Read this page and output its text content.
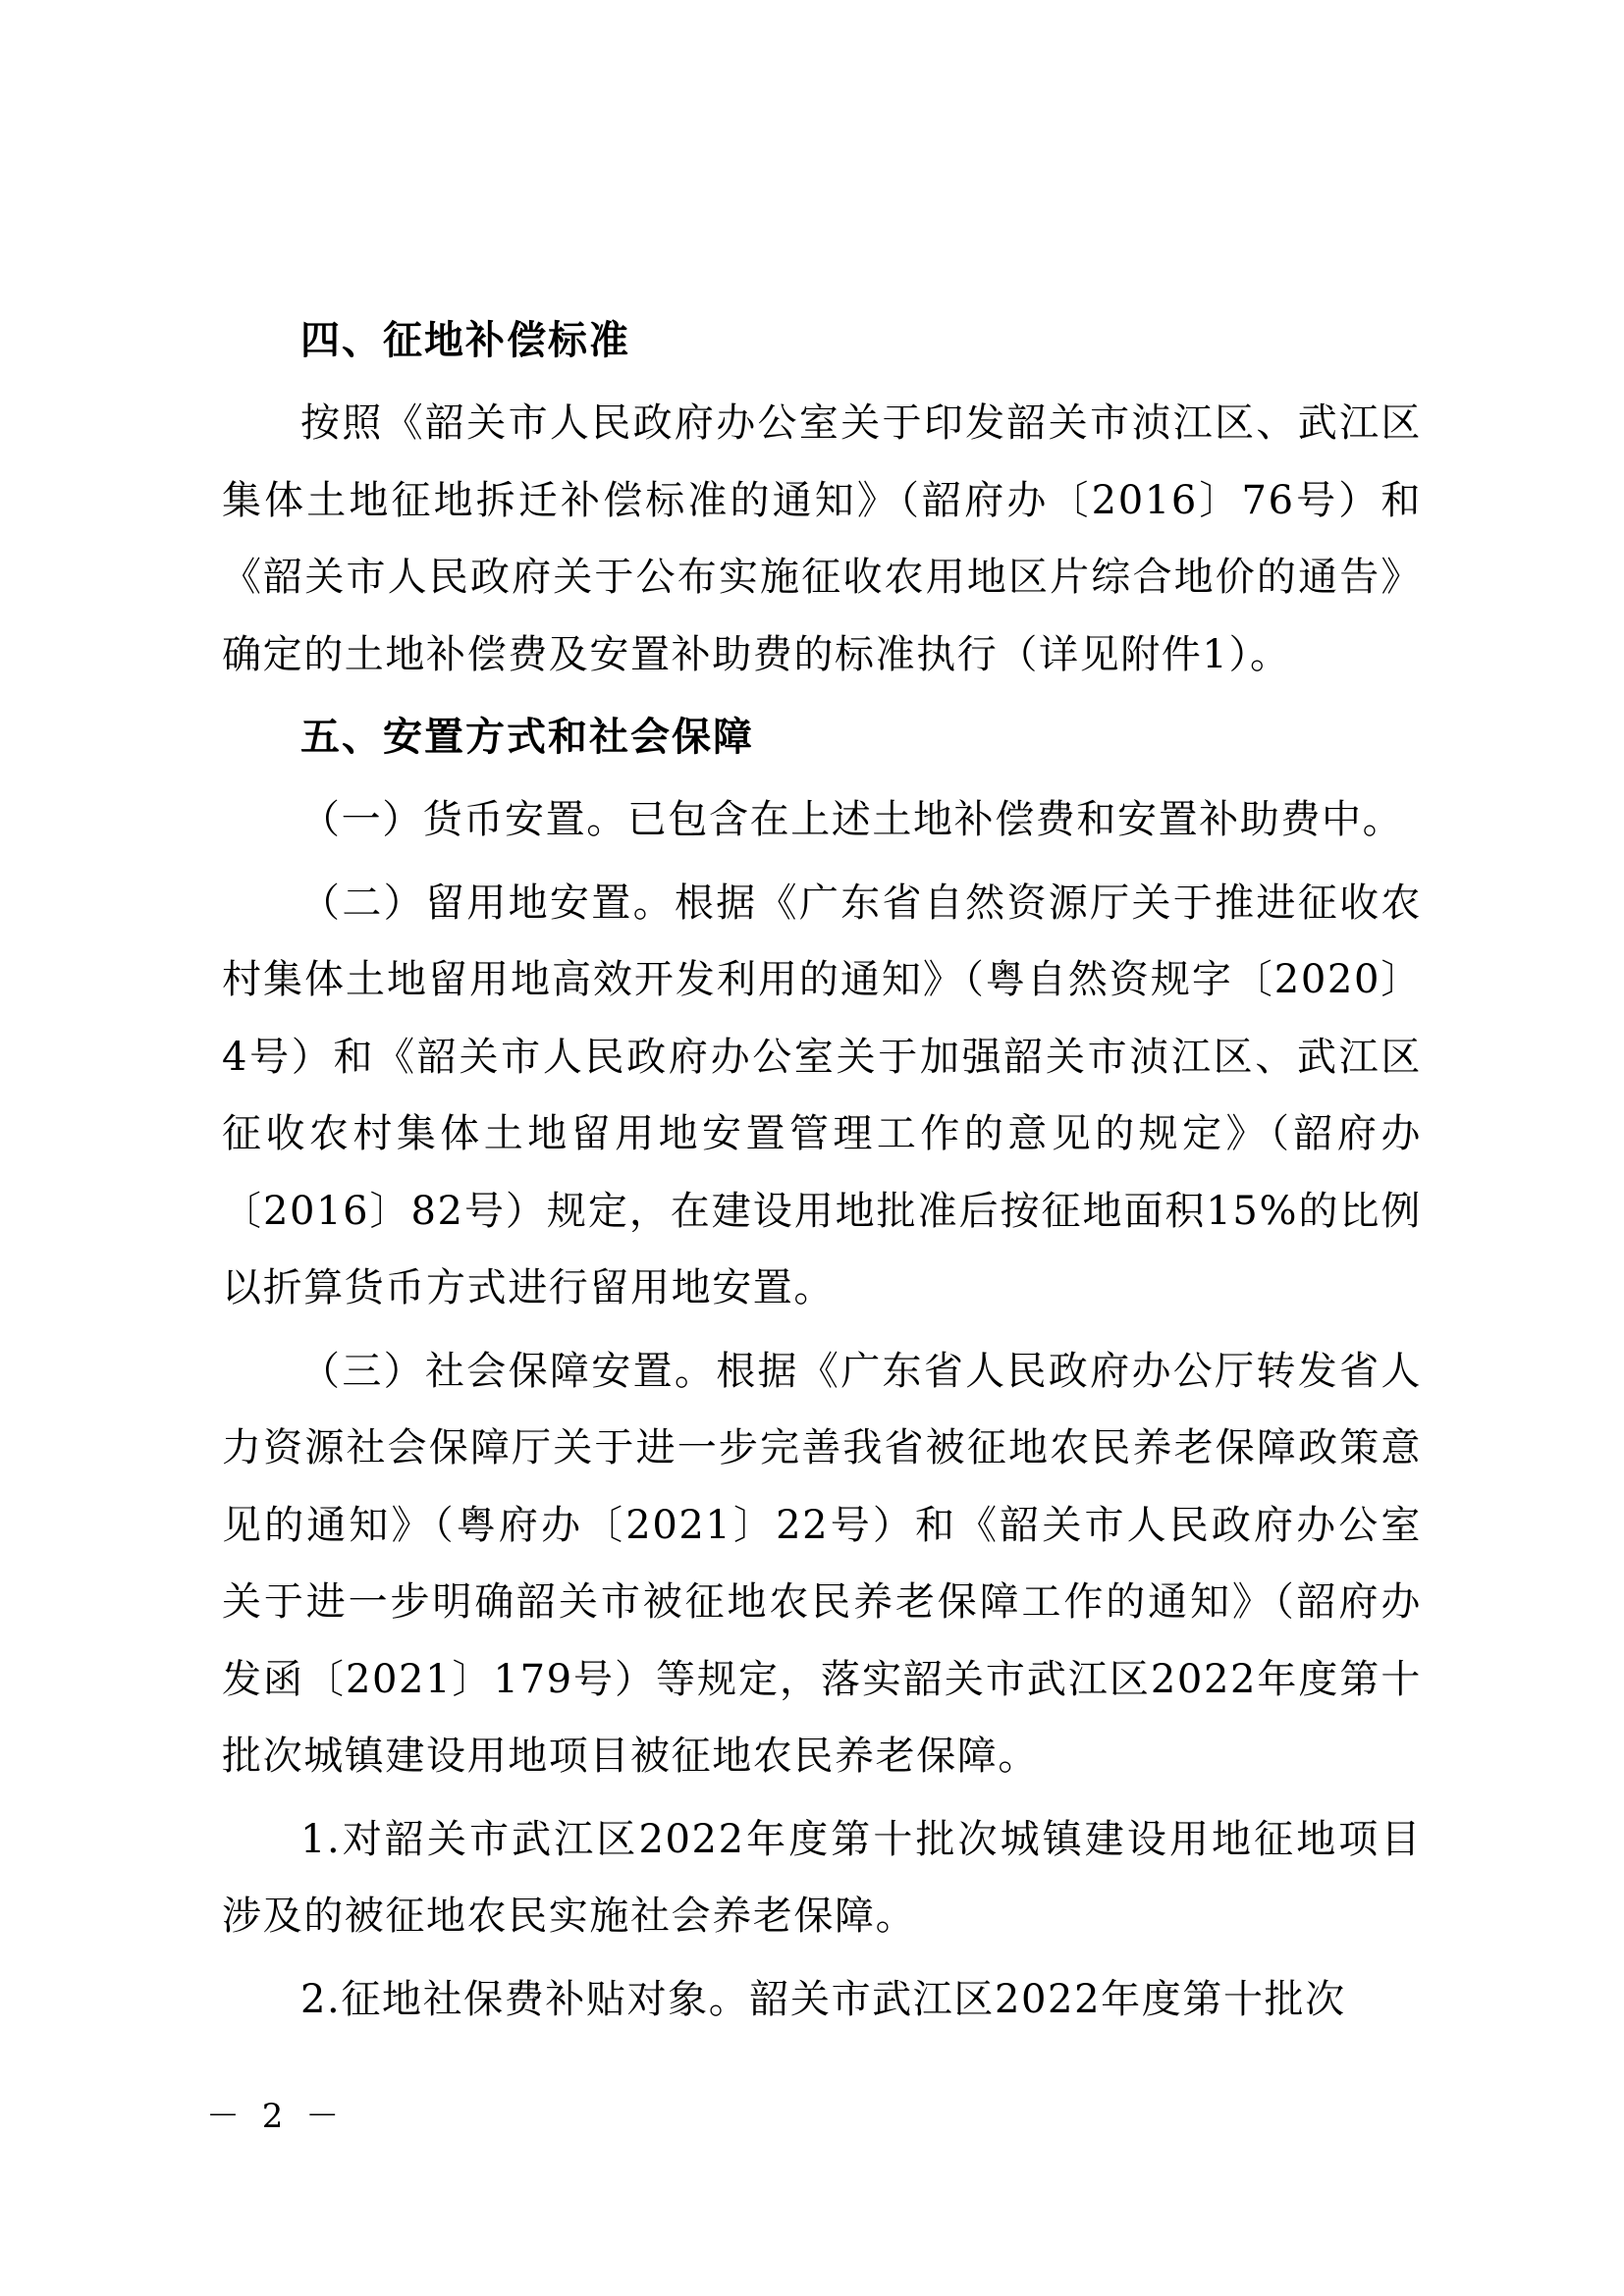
四、征地补偿标准

按照《韶关市人民政府办公室关于印发韶关市浈江区、武江区集体土地征地拆迁补偿标准的通知》（韶府办〔2016〕76号）和《韶关市人民政府关于公布实施征收农用地区片综合地价的通告》确定的土地补偿费及安置补助费的标准执行（详见附件1）。

五、安置方式和社会保障

（一）货币安置。已包含在上述土地补偿费和安置补助费中。

（二）留用地安置。根据《广东省自然资源厅关于推进征收农村集体土地留用地高效开发利用的通知》（粤自然资规字〔2020〕4号）和《韶关市人民政府办公室关于加强韶关市浈江区、武江区征收农村集体土地留用地安置管理工作的意见的规定》（韶府办〔2016〕82号）规定，在建设用地批准后按征地面积15%的比例以折算货币方式进行留用地安置。

（三）社会保障安置。根据《广东省人民政府办公厅转发省人力资源社会保障厅关于进一步完善我省被征地农民养老保障政策意见的通知》（粤府办〔2021〕22号）和《韶关市人民政府办公室关于进一步明确韶关市被征地农民养老保障工作的通知》（韶府办发函〔2021〕179号）等规定，落实韶关市武江区2022年度第十批次城镇建设用地项目被征地农民养老保障。

1.对韶关市武江区2022年度第十批次城镇建设用地征地项目涉及的被征地农民实施社会养老保障。

2.征地社保费补贴对象。韶关市武江区2022年度第十批次

－ 2 －
